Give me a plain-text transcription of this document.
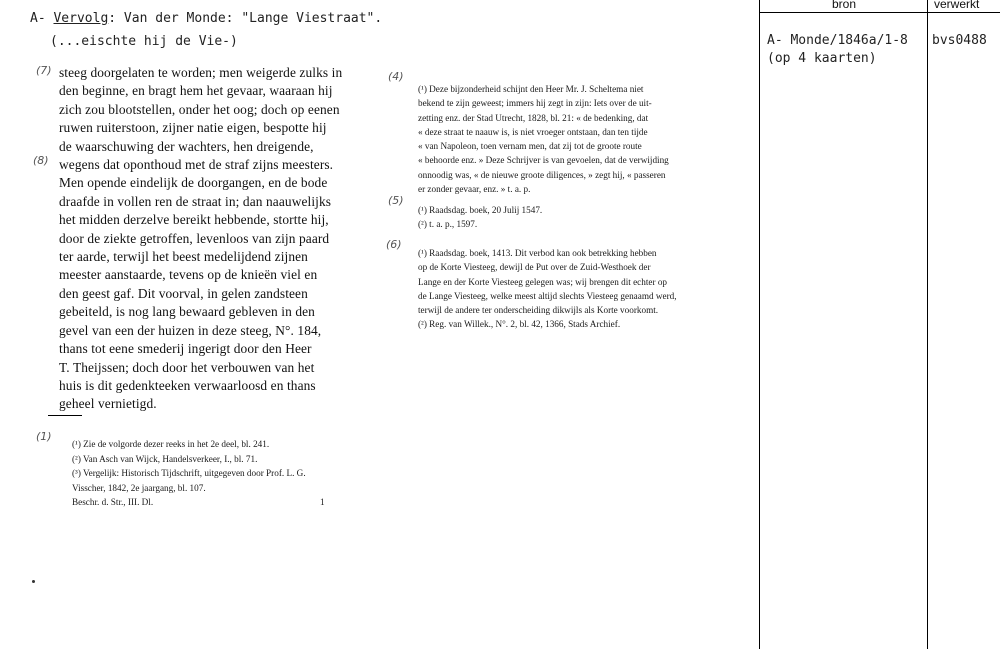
A- Vervolg: Van der Monde: "Lange Viestraat".
(...eischte hij de Vie-)
(7)
(8)
(4)
(5)
(6)
(1)
steeg doorgelaten te worden; men weigerde zulks in
den beginne, en bragt hem het gevaar, waaraan hij
zich zou blootstellen, onder het oog; doch op eenen
ruwen ruiterstoon, zijner natie eigen, bespotte hij
de waarschuwing der wachters, hen dreigende,
wegens dat oponthoud met de straf zijns meesters.
Men opende eindelijk de doorgangen, en de bode
draafde in vollen ren de straat in; dan naauwelijks
het midden derzelve bereikt hebbende, stortte hij,
door de ziekte getroffen, levenloos van zijn paard
ter aarde, terwijl het beest medelijdend zijnen
meester aanstaarde, tevens op de knieën viel en
den geest gaf. Dit voorval, in gelen zandsteen
gebeiteld, is nog lang bewaard gebleven in den
gevel van een der huizen in deze steeg, N°. 184,
thans tot eene smederij ingerigt door den Heer
T. Theijssen; doch door het verbouwen van het
huis is dit gedenkteeken verwaarloosd en thans
geheel vernietigd.
(¹) Zie de volgorde dezer reeks in het 2e deel, bl. 241.
(²) Van Asch van Wijck, Handelsverkeer, I., bl. 71.
(³) Vergelijk: Historisch Tijdschrift, uitgegeven door Prof. L. G.
Visscher, 1842, 2e jaargang, bl. 107.
Beschr. d. Str., III. Dl.	1
(¹) Deze bijzonderheid schijnt den Heer Mr. J. Scheltema niet
bekend te zijn geweest; immers hij zegt in zijn: Iets over de uit-
zetting enz. der Stad Utrecht, 1828, bl. 21: « de bedenking, dat
« deze straat te naauw is, is niet vroeger ontstaan, dan ten tijde
« van Napoleon, toen vernam men, dat zij tot de groote route
« behoorde enz. » Deze Schrijver is van gevoelen, dat de verwijding
onnoodig was, « de nieuwe groote diligences, » zegt hij, « passeren
er zonder gevaar, enz. » t. a. p.
(¹) Raadsdag. boek, 20 Julij 1547.
(²) t. a. p., 1597.
(¹) Raadsdag. boek, 1413. Dit verbod kan ook betrekking hebben
op de Korte Viesteeg, dewijl de Put over de Zuid-Westhoek der
Lange en der Korte Viesteeg gelegen was; wij brengen dit echter op
de Lange Viesteeg, welke meest altijd slechts Viesteeg genaamd werd,
terwijl de andere ter onderscheiding dikwijls als Korte voorkomt.
(²) Reg. van Willek., N°. 2, bl. 42, 1366, Stads Archief.
bron	verwerkt
A- Monde/1846a/1-8
(op 4 kaarten)
bvs0488
